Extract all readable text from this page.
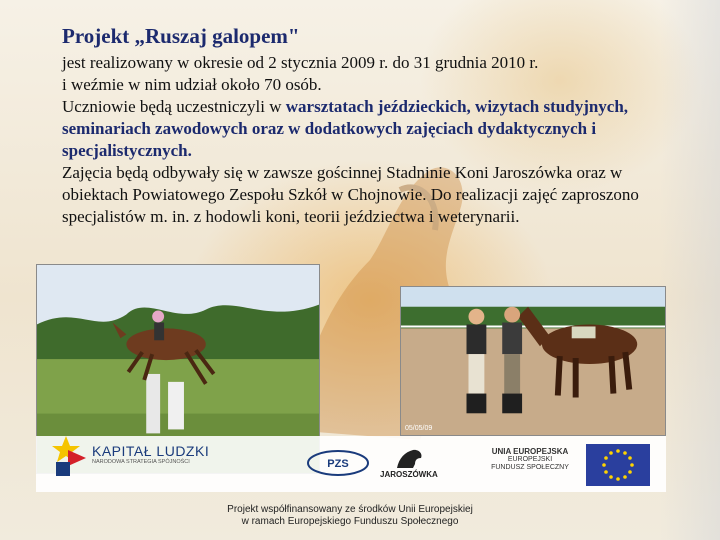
Projekt „Ruszaj galopem"
jest realizowany w okresie od 2 stycznia 2009 r. do 31 grudnia 2010 r.
i weźmie w nim udział około 70 osób.
Uczniowie będą uczestniczyli w warsztatach jeździeckich, wizytach studyjnych, seminariach zawodowych oraz w dodatkowych zajęciach dydaktycznych i specjalistycznych.
Zajęcia będą odbywały się w zawsze gościnnej Stadninie Koni Jaroszówka oraz w obiektach Powiatowego Zespołu Szkół w Chojnowie. Do realizacji zajęć zaproszono specjalistów m. in. z hodowli koni, teorii jeździectwa i weterynarii.
05/05/09
KAPITAŁ LUDZKI
NARODOWA STRATEGIA SPÓJNOŚCI	PZS
JAROSZÓWKA
UNIA EUROPEJSKA
EUROPEJSKI
FUNDUSZ SPOŁECZNY
Projekt współfinansowany ze środków Unii Europejskiej
w ramach Europejskiego Funduszu Społecznego
